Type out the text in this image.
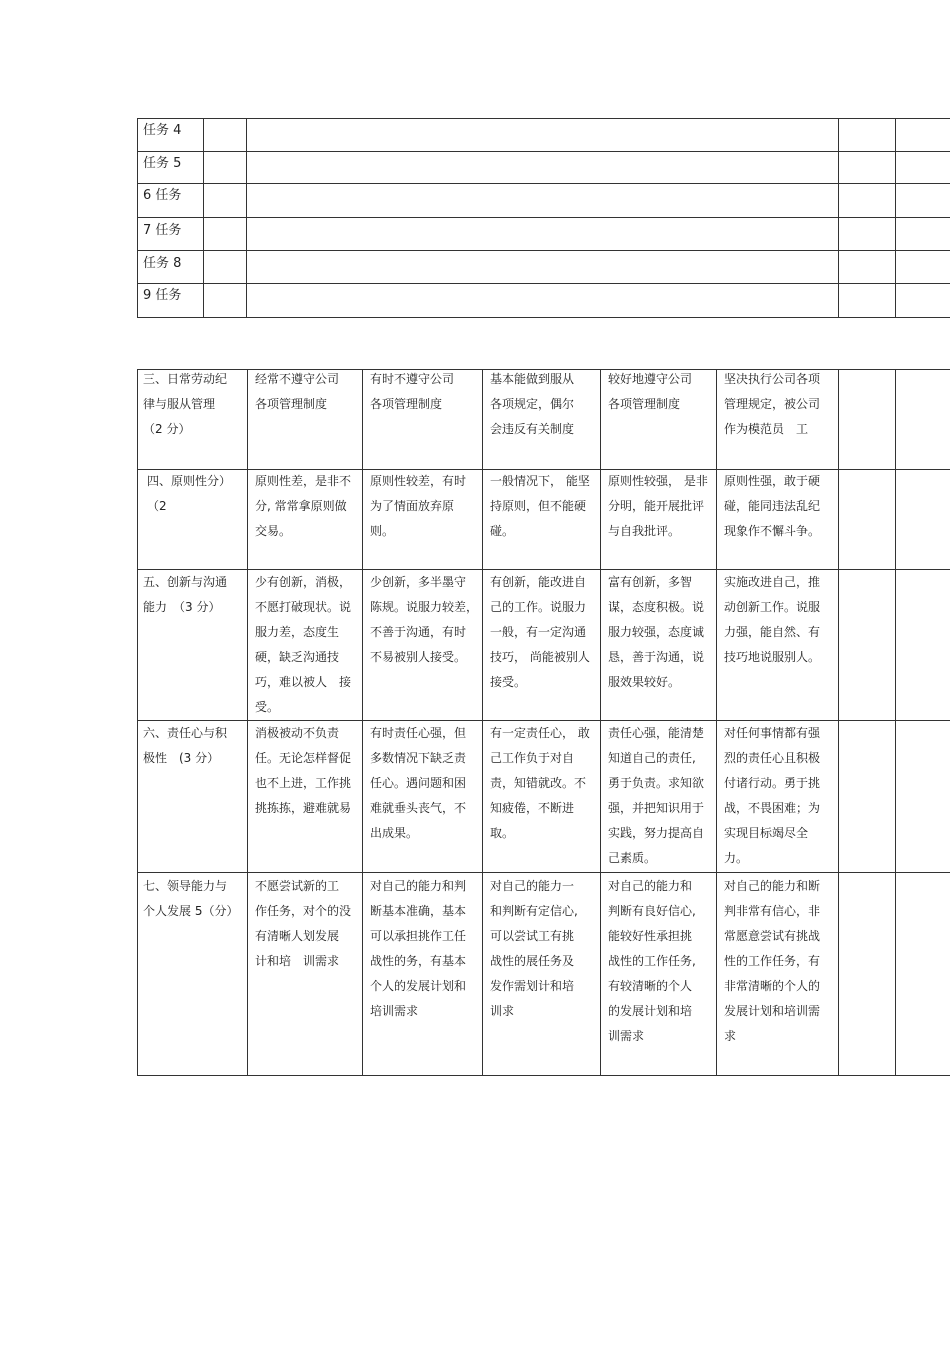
任务 4
任务 5
6 任务
7 任务
任务 8
9 任务
三、日常劳动纪
律与服从管理
（2 分）
经常不遵守公司
各项管理制度
有时不遵守公司
各项管理制度
基本能做到服从
各项规定，偶尔
会违反有关制度
较好地遵守公司
各项管理制度
坚决执行公司各项
管理规定，被公司
作为模范员　工
四、原则性分）
（2
原则性差，是非不
分, 常常拿原则做
交易。
原则性较差，有时
为了情面放弃原
则。
一般情况下， 能坚
持原则，但不能硬
碰。
原则性较强， 是非
分明，能开展批评
与自我批评。
原则性强，敢于硬
碰，能同违法乱纪
现象作不懈斗争。
五、创新与沟通
能力　（3 分）
少有创新，消极，
不愿打破现状。说
服力差，态度生
硬，缺乏沟通技
巧，难以被人　接
受。
少创新，多半墨守
陈规。说服力较差，
不善于沟通，有时
不易被别人接受。
有创新，能改进自
己的工作。说服力
一般，有一定沟通
技巧， 尚能被别人
接受。
富有创新，多智
谋，态度积极。说
服力较强，态度诚
恳，善于沟通，说
服效果较好。
实施改进自己，推
动创新工作。说服
力强，能自然、有
技巧地说服别人。
六、责任心与积
极性　(3 分）
消极被动不负责
任。无论怎样督促
也不上进，工作挑
挑拣拣，避难就易
有时责任心强，但
多数情况下缺乏责
任心。遇问题和困
难就垂头丧气，不
出成果。
有一定责任心， 敢
己工作负于对自
责，知错就改。不
知疲倦，不断进
取。
责任心强，能清楚
知道自己的责任,
勇于负责。求知欲
强，并把知识用于
实践，努力提高自
己素质。
对任何事情都有强
烈的责任心且积极
付诸行动。勇于挑
战，不畏困难；为
实现目标竭尽全
力。
七、领导能力与
个人发展 5（分）
不愿尝试新的工
作任务，对个的没
有清晰人划发展
计和培　训需求
对自己的能力和判
断基本准确，基本
可以承担挑作工任
战性的务，有基本
个人的发展计划和
培训需求
对自己的能力一
和判断有定信心,
可以尝试工有挑
战性的展任务及
发作需划计和培
训求
对自己的能力和
判断有良好信心,
能较好性承担挑
战性的工作任务,
有较清晰的个人
的发展计划和培
训需求
对自己的能力和断
判非常有信心，非
常愿意尝试有挑战
性的工作任务，有
非常清晰的个人的
发展计划和培训需
求
